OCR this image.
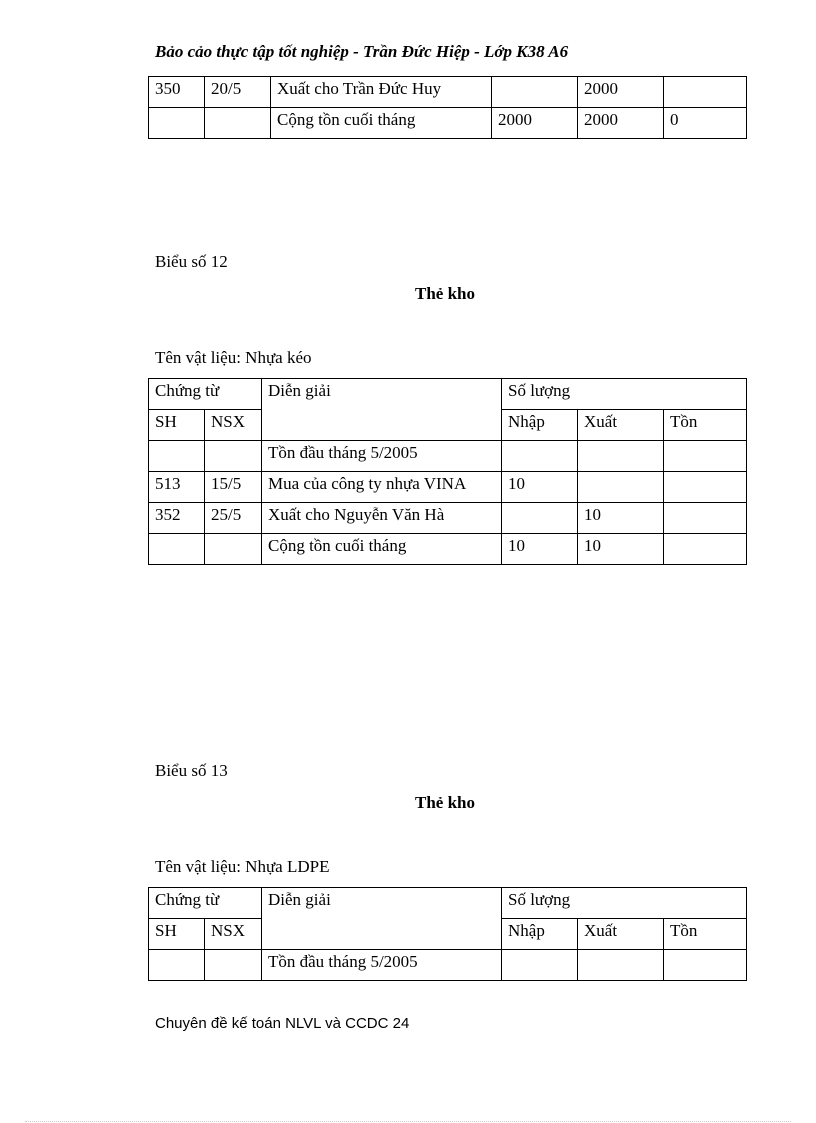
Bảo cảo thực tập tốt nghiệp - Trần Đức Hiệp - Lớp K38 A6
350	20/5	Xuất cho Trần Đức Huy		2000	
		Cộng tồn cuối tháng	2000	2000	0
Biểu số 12
Thẻ kho
Tên vật liệu: Nhựa kéo
Chứng từ		Diễn giải	Số lượng		
SH	NSX		Nhập	Xuất	Tồn
		Tồn đầu tháng 5/2005			
513	15/5	Mua của công ty nhựa VINA	10		
352	25/5	Xuất cho Nguyễn Văn Hà		10	
		Cộng tồn cuối tháng	10	10	
Biểu số 13
Thẻ kho
Tên vật liệu: Nhựa LDPE
Chứng từ		Diễn giải	Số lượng		
SH	NSX		Nhập	Xuất	Tồn
		Tồn đầu tháng 5/2005			
Chuyên đề kế toán NLVL và CCDC 24
